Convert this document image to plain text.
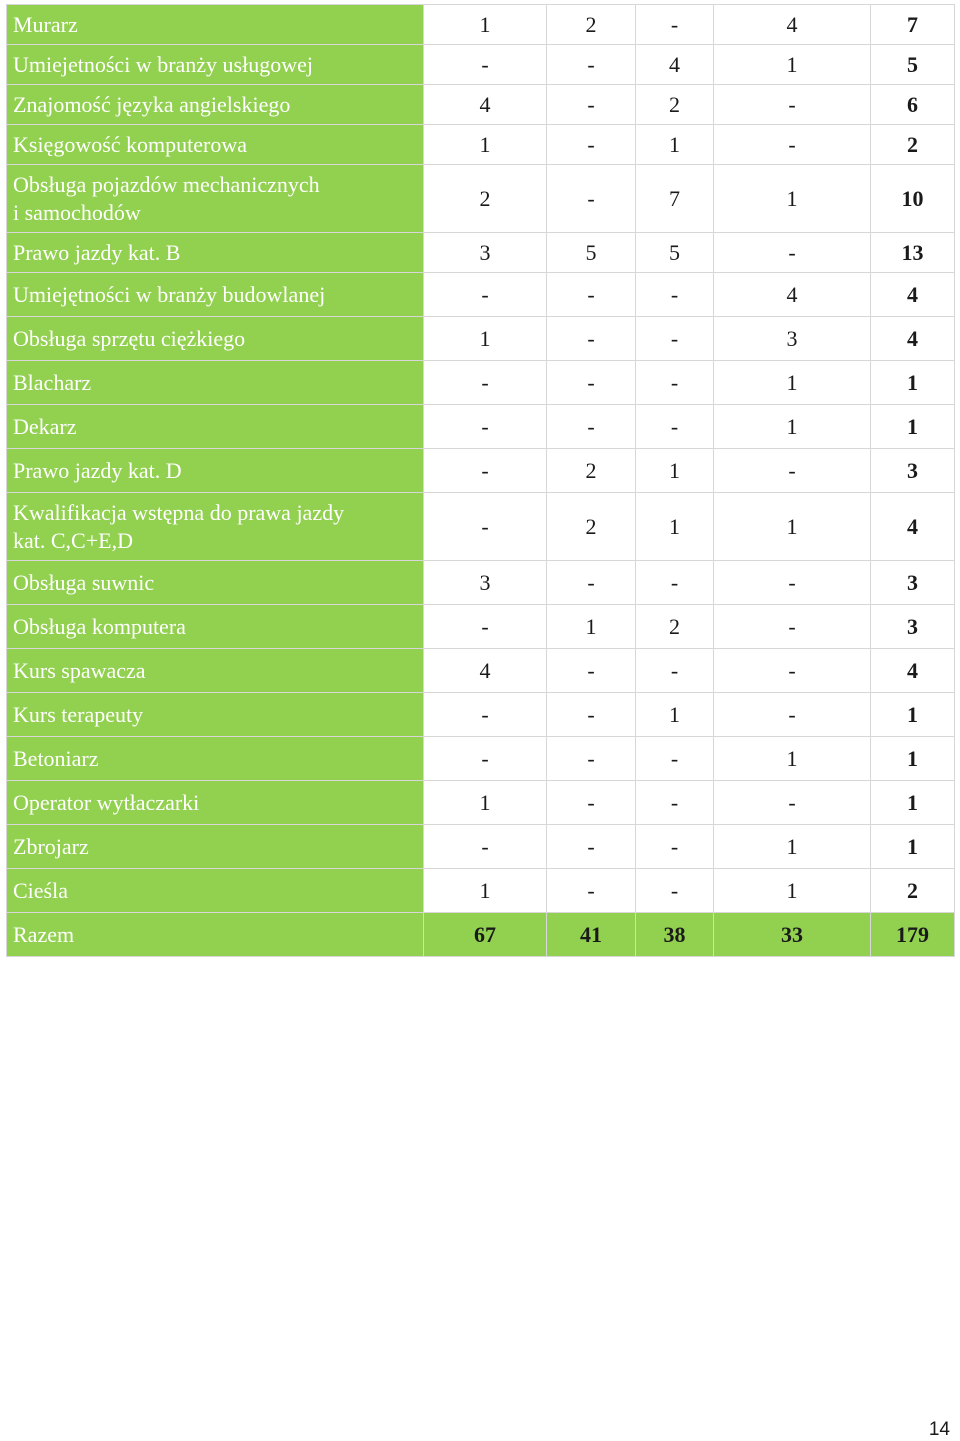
Murarz	1	2	-	4	7
Umiejetności w branży usługowej	-	-	4	1	5
Znajomość języka angielskiego	4	-	2	-	6
Księgowość komputerowa	1	-	1	-	2
Obsługa pojazdów mechanicznych
i samochodów	2	-	7	1	10
Prawo jazdy kat. B	3	5	5	-	13
Umiejętności w branży budowlanej	-	-	-	4	4
Obsługa sprzętu ciężkiego	1	-	-	3	4
Blacharz	-	-	-	1	1
Dekarz	-	-	-	1	1
Prawo jazdy kat. D	-	2	1	-	3
Kwalifikacja wstępna do prawa jazdy
kat. C,C+E,D	-	2	1	1	4
Obsługa suwnic	3	-	-	-	3
Obsługa komputera	-	1	2	-	3
Kurs spawacza	4	-	-	-	4
Kurs terapeuty	-	-	1	-	1
Betoniarz	-	-	-	1	1
Operator wytłaczarki	1	-	-	-	1
Zbrojarz	-	-	-	1	1
Cieśla	1	-	-	1	2
Razem	67	41	38	33	179
14
